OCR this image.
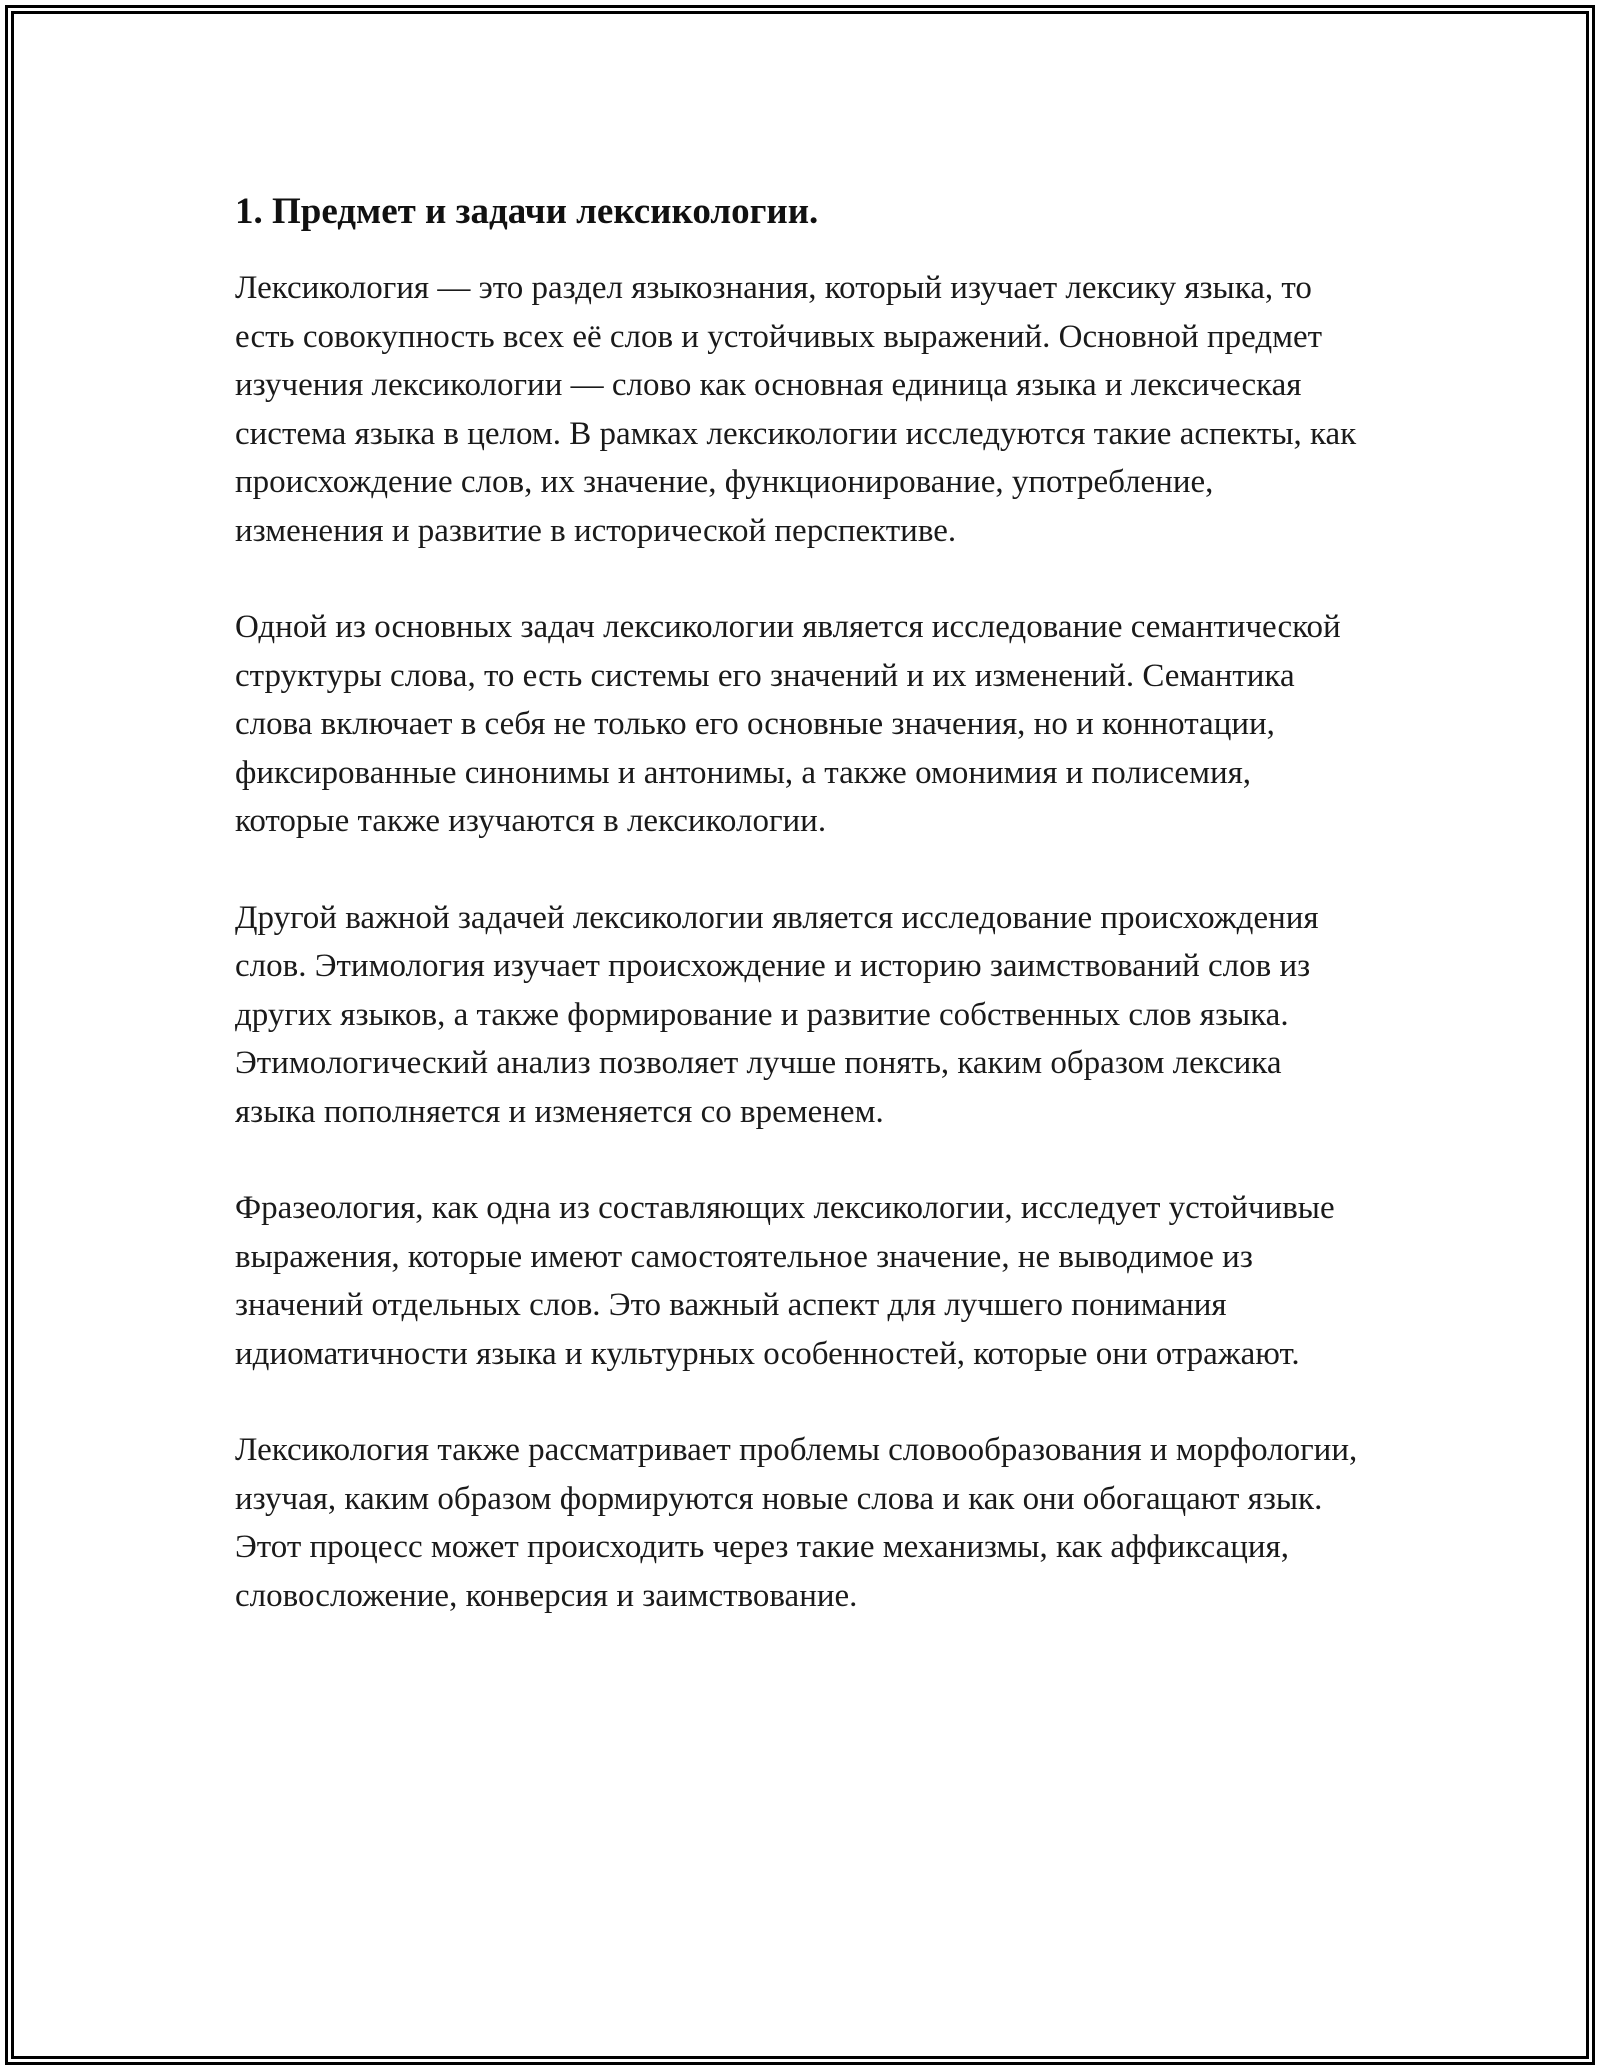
1. Предмет и задачи лексикологии.

Лексикология — это раздел языкознания, который изучает лексику языка, то есть совокупность всех её слов и устойчивых выражений. Основной предмет изучения лексикологии — слово как основная единица языка и лексическая система языка в целом. В рамках лексикологии исследуются такие аспекты, как происхождение слов, их значение, функционирование, употребление, изменения и развитие в исторической перспективе.

Одной из основных задач лексикологии является исследование семантической структуры слова, то есть системы его значений и их изменений. Семантика слова включает в себя не только его основные значения, но и коннотации, фиксированные синонимы и антонимы, а также омонимия и полисемия, которые также изучаются в лексикологии.

Другой важной задачей лексикологии является исследование происхождения слов. Этимология изучает происхождение и историю заимствований слов из других языков, а также формирование и развитие собственных слов языка. Этимологический анализ позволяет лучше понять, каким образом лексика языка пополняется и изменяется со временем.

Фразеология, как одна из составляющих лексикологии, исследует устойчивые выражения, которые имеют самостоятельное значение, не выводимое из значений отдельных слов. Это важный аспект для лучшего понимания идиоматичности языка и культурных особенностей, которые они отражают.

Лексикология также рассматривает проблемы словообразования и морфологии, изучая, каким образом формируются новые слова и как они обогащают язык. Этот процесс может происходить через такие механизмы, как аффиксация, словосложение, конверсия и заимствование.
